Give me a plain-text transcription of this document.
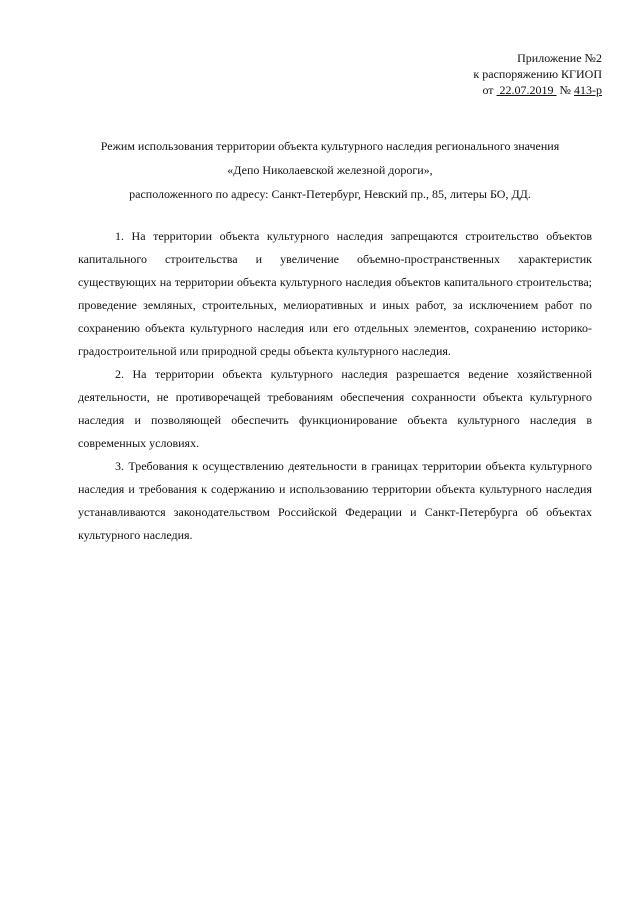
Приложение №2
к распоряжению КГИОП
от 22.07.2019 № 413-р
Режим использования территории объекта культурного наследия регионального значения
«Депо Николаевской железной дороги»,
расположенного по адресу: Санкт-Петербург, Невский пр., 85, литеры БО, ДД.

1. На территории объекта культурного наследия запрещаются строительство объектов капитального строительства и увеличение объемно-пространственных характеристик существующих на территории объекта культурного наследия объектов капитального строительства; проведение земляных, строительных, мелиоративных и иных работ, за исключением работ по сохранению объекта культурного наследия или его отдельных элементов, сохранению историко-градостроительной или природной среды объекта культурного наследия.

2. На территории объекта культурного наследия разрешается ведение хозяйственной деятельности, не противоречащей требованиям обеспечения сохранности объекта культурного наследия и позволяющей обеспечить функционирование объекта культурного наследия в современных условиях.

3. Требования к осуществлению деятельности в границах территории объекта культурного наследия и требования к содержанию и использованию территории объекта культурного наследия устанавливаются законодательством Российской Федерации и Санкт-Петербурга об объектах культурного наследия.
